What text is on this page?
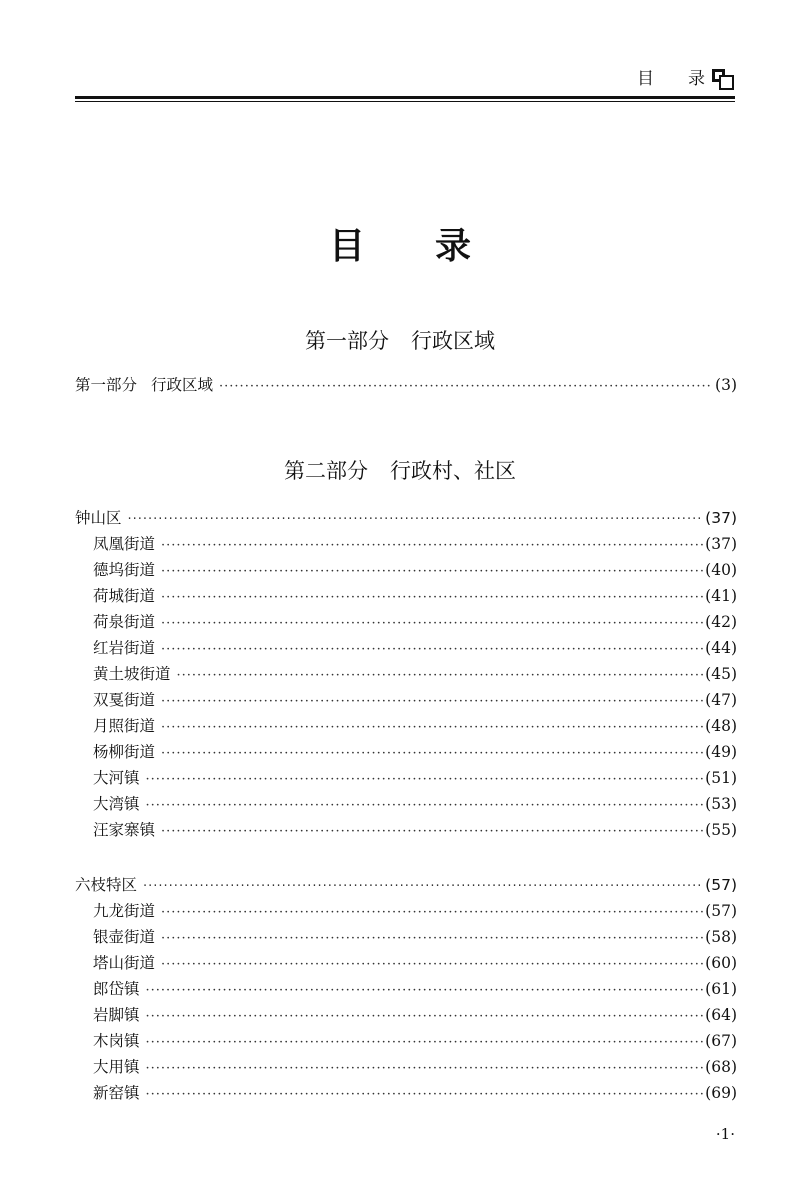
目 录
目 录
第一部分 行政区域
第一部分 行政区域 ·····	(3)
第二部分 行政村、社区
钟山区 ·····	(37)
凤凰街道 ·····	(37)
德坞街道 ·····	(40)
荷城街道 ·····	(41)
荷泉街道 ·····	(42)
红岩街道 ·····	(44)
黄土坡街道 ·····	(45)
双戛街道 ·····	(47)
月照街道 ·····	(48)
杨柳街道 ·····	(49)
大河镇 ·····	(51)
大湾镇 ·····	(53)
汪家寨镇 ·····	(55)
六枝特区 ·····	(57)
九龙街道 ·····	(57)
银壶街道 ·····	(58)
塔山街道 ·····	(60)
郎岱镇 ·····	(61)
岩脚镇 ·····	(64)
木岗镇 ·····	(67)
大用镇 ·····	(68)
新窑镇 ·····	(69)
·1·
